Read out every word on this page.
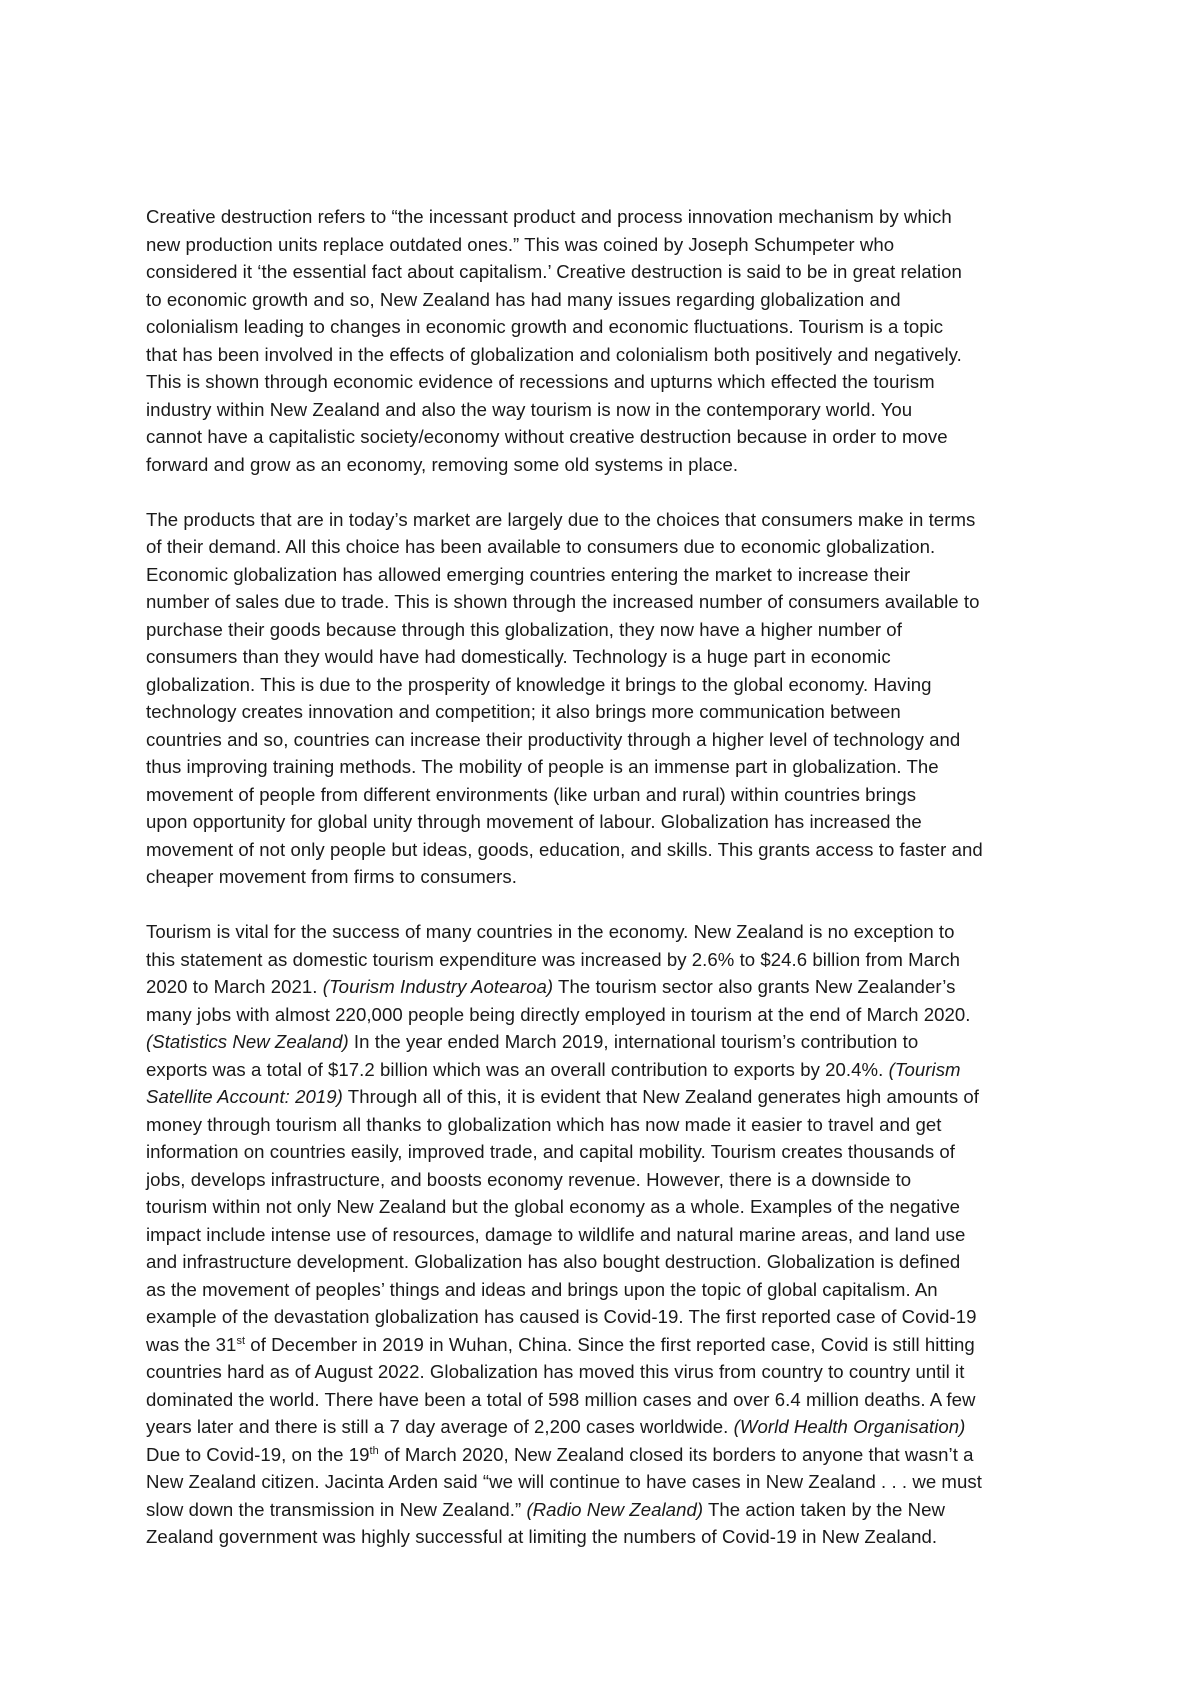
Creative destruction refers to “the incessant product and process innovation mechanism by which
new production units replace outdated ones.” This was coined by Joseph Schumpeter who
considered it ‘the essential fact about capitalism.’ Creative destruction is said to be in great relation
to economic growth and so, New Zealand has had many issues regarding globalization and
colonialism leading to changes in economic growth and economic fluctuations. Tourism is a topic
that has been involved in the effects of globalization and colonialism both positively and negatively.
This is shown through economic evidence of recessions and upturns which effected the tourism
industry within New Zealand and also the way tourism is now in the contemporary world. You
cannot have a capitalistic society/economy without creative destruction because in order to move
forward and grow as an economy, removing some old systems in place.

The products that are in today’s market are largely due to the choices that consumers make in terms
of their demand. All this choice has been available to consumers due to economic globalization.
Economic globalization has allowed emerging countries entering the market to increase their
number of sales due to trade. This is shown through the increased number of consumers available to
purchase their goods because through this globalization, they now have a higher number of
consumers than they would have had domestically. Technology is a huge part in economic
globalization. This is due to the prosperity of knowledge it brings to the global economy. Having
technology creates innovation and competition; it also brings more communication between
countries and so, countries can increase their productivity through a higher level of technology and
thus improving training methods. The mobility of people is an immense part in globalization. The
movement of people from different environments (like urban and rural) within countries brings
upon opportunity for global unity through movement of labour. Globalization has increased the
movement of not only people but ideas, goods, education, and skills. This grants access to faster and
cheaper movement from firms to consumers.

Tourism is vital for the success of many countries in the economy. New Zealand is no exception to
this statement as domestic tourism expenditure was increased by 2.6% to $24.6 billion from March
2020 to March 2021. (Tourism Industry Aotearoa) The tourism sector also grants New Zealander’s
many jobs with almost 220,000 people being directly employed in tourism at the end of March 2020.
(Statistics New Zealand) In the year ended March 2019, international tourism’s contribution to
exports was a total of $17.2 billion which was an overall contribution to exports by 20.4%. (Tourism
Satellite Account: 2019) Through all of this, it is evident that New Zealand generates high amounts of
money through tourism all thanks to globalization which has now made it easier to travel and get
information on countries easily, improved trade, and capital mobility. Tourism creates thousands of
jobs, develops infrastructure, and boosts economy revenue. However, there is a downside to
tourism within not only New Zealand but the global economy as a whole. Examples of the negative
impact include intense use of resources, damage to wildlife and natural marine areas, and land use
and infrastructure development. Globalization has also bought destruction. Globalization is defined
as the movement of peoples’ things and ideas and brings upon the topic of global capitalism. An
example of the devastation globalization has caused is Covid-19. The first reported case of Covid-19
was the 31st of December in 2019 in Wuhan, China. Since the first reported case, Covid is still hitting
countries hard as of August 2022. Globalization has moved this virus from country to country until it
dominated the world. There have been a total of 598 million cases and over 6.4 million deaths. A few
years later and there is still a 7 day average of 2,200 cases worldwide. (World Health Organisation)
Due to Covid-19, on the 19th of March 2020, New Zealand closed its borders to anyone that wasn’t a
New Zealand citizen. Jacinta Arden said “we will continue to have cases in New Zealand . . . we must
slow down the transmission in New Zealand.” (Radio New Zealand) The action taken by the New
Zealand government was highly successful at limiting the numbers of Covid-19 in New Zealand.
